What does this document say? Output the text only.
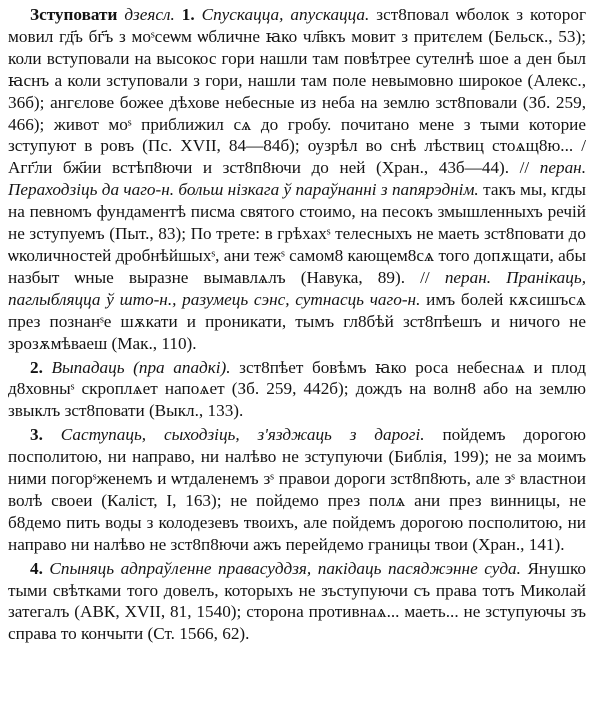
Зступовати дзеясл. 1. Спускацца, апускацца. зст8повал ѡболок з которог мовил гд҃ъ бг҃ъ з моˢсеѡм ѡбличне ꙗко чл҃вкъ мовит з притєлем (Бельск., 53); коли вступовали на высокос гори нашли там повѣтрее сутелнѣ шое а ден был ꙗснъ а коли зступовали з гори, нашли там поле невымовно широкое (Алекс., 36б); ангєлове божее дѣхове небесные из неба на землю зст8повали (Зб. 259, 466); живот моˢ приближил сѧ до гробу. почитано мене з тыми которие зступуют в ровъ (Пс. XVII, 84—84б); оузрѣл во снѣ лѣствиц стоѧщ8ю... / Агг҃ли бж҃ии встѣп8ючи и зст8п8ючи до ней (Хран., 43б—44). // перан. Пераходзiць да чаго-н. больш нiзкага ў параўнаннi з папярэднiм. такъ мы, кгды на певномъ фундаментѣ писма святого стоимо, на песокъ змышленныхъ речій не зступуемъ (Пыт., 83); По трете: в грѣхахˢ телесныхъ не маеть зст8повати до ѡколичностей дробнѣйшыхˢ, ани тежˢ самом8 кающем8сѧ того допѫщати, абы назбыт ѡные выразне вымавлѧлъ (Навука, 89). // перан. Пранiкаць, паглыбляцца ў што-н., разумець сэнс, сутнасць чаго-н. имъ болей кѫсишъсѧ през познанˢе шѫкати и проникати, тымъ гл8бѣй зст8пѣешъ и ничого не зрозѫмѣваеш (Мак., 110).

2. Выпадаць (пра ападкi). зст8пѣет бовѣмъ ꙗко роса небеснаѧ и плод д8ховныˢ скроплѧет напоѧет (Зб. 259, 442б); дождъ на волн8 або на землю звыклъ зст8повати (Выкл., 133).

3. Саступаць, сыходзiць, з'язджаць з дарогi. пойдемъ дорогою посполитою, ни направо, ни налѣво не зступуючи (Библія, 199); не за моимъ ними погорˢженемъ и ѡтдаленемъ зˢ правои дороги зст8п8ють, але зˢ властнои волѣ своеи (Каліст, I, 163); не пойдемо през полѧ ани през винницы, не б8демо пить воды з колодезевъ твоихъ, але пойдемъ дорогою посполитою, ни направо ни налѣво не зст8п8ючи ажъ перейдемо границы твои (Хран., 141).

4. Спыняць адпраўленне правасуддзя, пакiдаць пасяджэнне суда. Янушко тыми свѣтками того довелъ, которыхъ не зъступуючи съ права тотъ Миколай затегалъ (АВК, XVII, 81, 1540); сторона противнаѧ... маеть... не зступуючы зъ справа то кончыти (Ст. 1566, 62).
